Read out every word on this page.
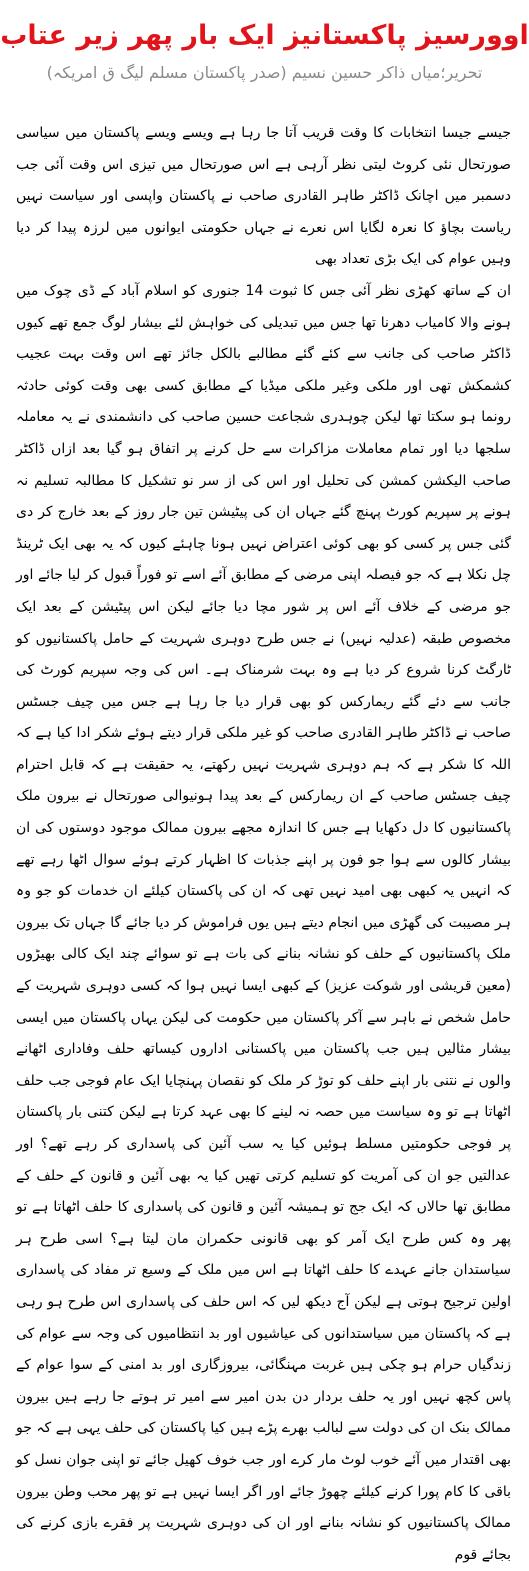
اوورسیز پاکستانیز ایک بار پھر زیر عتاب
تحریر؛میاں ذاکر حسین نسیم (صدر پاکستان مسلم لیگ ق امریکہ)

جیسے جیسا انتخابات کا وقت قریب آتا جا رہا ہے ویسے ویسے پاکستان میں سیاسی صورتحال نئی کروٹ لیتی نظر آرہی ہے اس صورتحال میں تیزی اس وقت آئی جب دسمبر میں اچانک ڈاکٹر طاہر القادری صاحب نے پاکستان واپسی اور سیاست نہیں ریاست بچاؤ کا نعرہ لگایا اس نعرے نے جہاں حکومتی ایوانوں میں لرزہ پیدا کر دیا وہیں عوام کی ایک بڑی تعداد بھی

ان کے ساتھ کھڑی نظر آئی جس کا ثبوت 14 جنوری کو اسلام آباد کے ڈی چوک میں ہونے والا کامیاب دھرنا تھا جس میں تبدیلی کی خواہش لئے بیشار لوگ جمع تھے کیوں ڈاکٹر صاحب کی جانب سے کئے گئے مطالبے بالکل جائز تھے اس وقت بہت عجیب کشمکش تھی اور ملکی وغیر ملکی میڈیا کے مطابق کسی بھی وقت کوئی حادثہ رونما ہو سکتا تھا لیکن چوہدری شجاعت حسین صاحب کی دانشمندی نے یہ معاملہ سلجھا دیا اور تمام معاملات مزاکرات سے حل کرنے پر اتفاق ہو گیا بعد ازاں ڈاکٹر صاحب الیکشن کمشن کی تحلیل اور اس کی از سر نو تشکیل کا مطالبہ تسلیم نہ ہونے پر سپریم کورٹ پہنچ گئے جہاں ان کی پیٹیشن تین جار روز کے بعد خارج کر دی گئی جس پر کسی کو بھی کوئی اعتراض نہیں ہونا چاہئے کیوں کہ یہ بھی ایک ٹرینڈ چل نکلا ہے کہ جو فیصلہ اپنی مرضی کے مطابق آئے اسے تو فوراً قبول کر لیا جائے اور جو مرضی کے خلاف آئے اس پر شور مچا دیا جائے لیکن اس پیٹیشن کے بعد ایک مخصوص طبقہ (عدلیہ نہیں) نے جس طرح دوہری شہریت کے حامل پاکستانیوں کو ٹارگٹ کرنا شروع کر دیا ہے وہ بہت شرمناک ہے۔ اس کی وجہ سپریم کورٹ کی جانب سے دئے گئے ریمارکس کو بھی قرار دیا جا رہا ہے جس میں چیف جسٹس صاحب نے ڈاکٹر طاہر القادری صاحب کو غیر ملکی قرار دیتے ہوئے شکر ادا کیا ہے کہ اللہ کا شکر ہے کہ ہم دوہری شہریت نہیں رکھتے، یہ حقیقت ہے کہ قابل احترام چیف جسٹس صاحب کے ان ریمارکس کے بعد پیدا ہونیوالی صورتحال نے بیرون ملک پاکستانیوں کا دل دکھایا ہے جس کا اندازہ مجھے بیرون ممالک موجود دوستوں کی ان بیشار کالوں سے ہوا جو فون پر اپنے جذبات کا اظہار کرتے ہوئے سوال اٹھا رہے تھے کہ انہیں یہ کبھی بھی امید نہیں تھی کہ ان کی پاکستان کیلئے ان خدمات کو جو وہ ہر مصیبت کی گھڑی میں انجام دیتے ہیں یوں فراموش کر دیا جائے گا جہاں تک بیرون ملک پاکستانیوں کے حلف کو نشانہ بنانے کی بات ہے تو سوائے چند ایک کالی بھیڑوں (معین قریشی اور شوکت عزیز) کے کبھی ایسا نہیں ہوا کہ کسی دوہری شہریت کے حامل شخص نے باہر سے آکر پاکستان میں حکومت کی لیکن یہاں پاکستان میں ایسی بیشار مثالیں ہیں جب پاکستان میں پاکستانی اداروں کیساتھ حلف وفاداری اٹھانے والوں نے نتنی بار اپنے حلف کو توڑ کر ملک کو نقصان پہنچایا ایک عام فوجی جب حلف اٹھاتا ہے تو وہ سیاست میں حصہ نہ لینے کا بھی عہد کرتا ہے لیکن کتنی بار پاکستان پر فوجی حکومتیں مسلط ہوئیں کیا یہ سب آئین کی پاسداری کر رہے تھے؟ اور عدالتیں جو ان کی آمریت کو تسلیم کرتی تھیں کیا یہ بھی آئین و قانون کے حلف کے مطابق تھا حالاں کہ ایک جج تو ہمیشہ آئین و قانون کی پاسداری کا حلف اٹھاتا ہے تو پھر وہ کس طرح ایک آمر کو بھی قانونی حکمران مان لیتا ہے؟ اسی طرح ہر سیاستدان جانے عہدے کا حلف اٹھاتا ہے اس میں ملک کے وسیع تر مفاد کی پاسداری اولین ترجیح ہوتی ہے لیکن آج دیکھ لیں کہ اس حلف کی پاسداری اس طرح ہو رہی ہے کہ پاکستان میں سیاستدانوں کی عیاشیوں اور بد انتظامیوں کی وجہ سے عوام کی زندگیاں حرام ہو چکی ہیں غربت مہنگائی، بیروزگاری اور بد امنی کے سوا عوام کے پاس کچھ نہیں اور یہ حلف بردار دن بدن امیر سے امیر تر ہوتے جا رہے ہیں بیرون ممالک بنک ان کی دولت سے لبالب بھرے پڑے ہیں کیا پاکستان کی حلف یہی ہے کہ جو بھی اقتدار میں آئے خوب لوٹ مار کرے اور جب خوف کھیل جائے تو اپنی جوان نسل کو باقی کا کام پورا کرنے کیلئے چھوڑ جائے اور اگر ایسا نہیں ہے تو پھر محب وطن بیرون ممالک پاکستانیوں کو نشانہ بنانے اور ان کی دوہری شہریت پر فقرے بازی کرنے کی بجائے قوم
